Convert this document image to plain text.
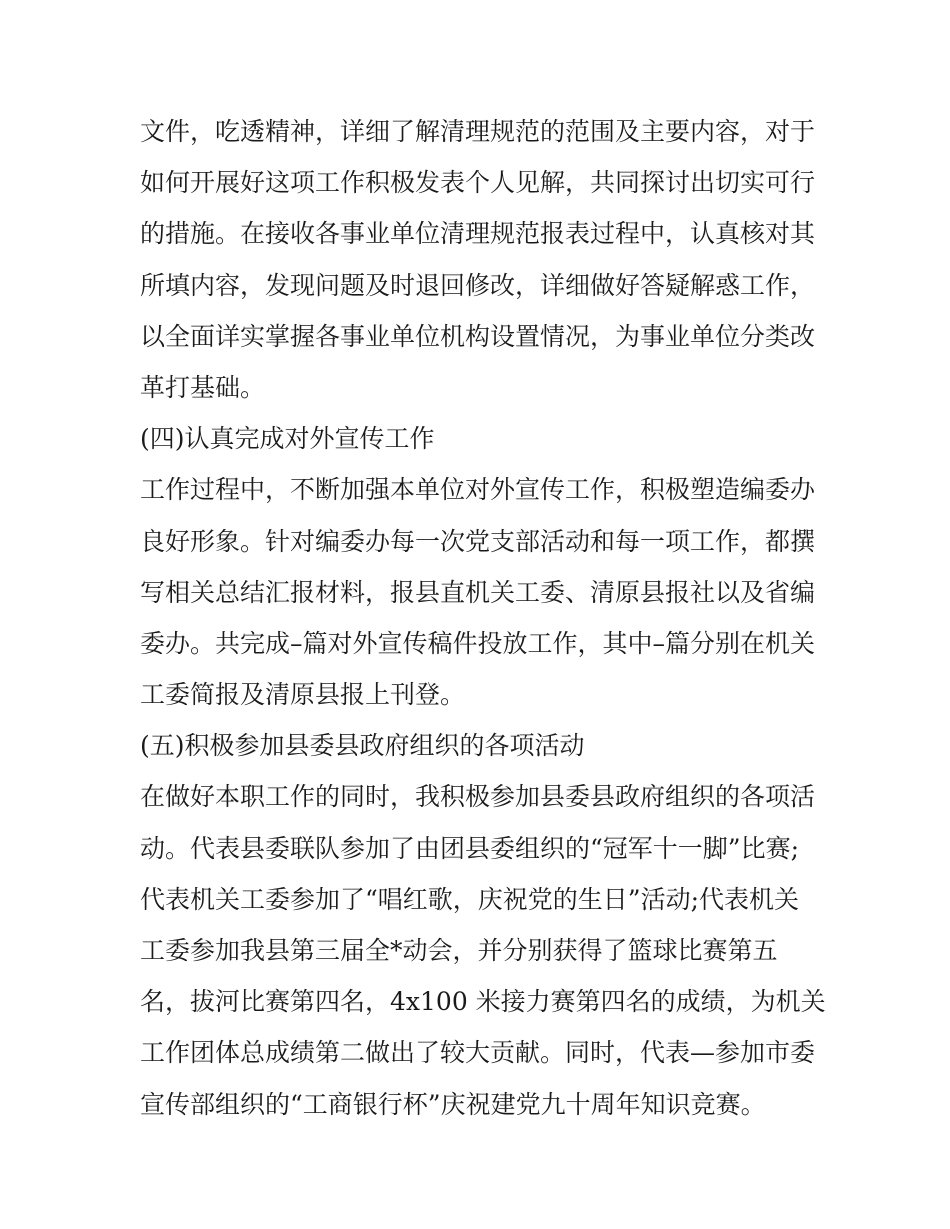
文件，吃透精神，详细了解清理规范的范围及主要内容，对于
如何开展好这项工作积极发表个人见解，共同探讨出切实可行
的措施。在接收各事业单位清理规范报表过程中，认真核对其
所填内容，发现问题及时退回修改，详细做好答疑解惑工作，
以全面详实掌握各事业单位机构设置情况，为事业单位分类改
革打基础。
(四)认真完成对外宣传工作
工作过程中，不断加强本单位对外宣传工作，积极塑造编委办
良好形象。针对编委办每一次党支部活动和每一项工作，都撰
写相关总结汇报材料，报县直机关工委、清原县报社以及省编
委办。共完成–篇对外宣传稿件投放工作，其中–篇分别在机关
工委简报及清原县报上刊登。
(五)积极参加县委县政府组织的各项活动
在做好本职工作的同时，我积极参加县委县政府组织的各项活
动。代表县委联队参加了由团县委组织的“冠军十一脚”比赛;
代表机关工委参加了“唱红歌，庆祝党的生日”活动;代表机关
工委参加我县第三届全*动会，并分别获得了篮球比赛第五
名，拔河比赛第四名，4x100 米接力赛第四名的成绩，为机关
工作团体总成绩第二做出了较大贡献。同时，代表—参加市委
宣传部组织的“工商银行杯”庆祝建党九十周年知识竞赛。
